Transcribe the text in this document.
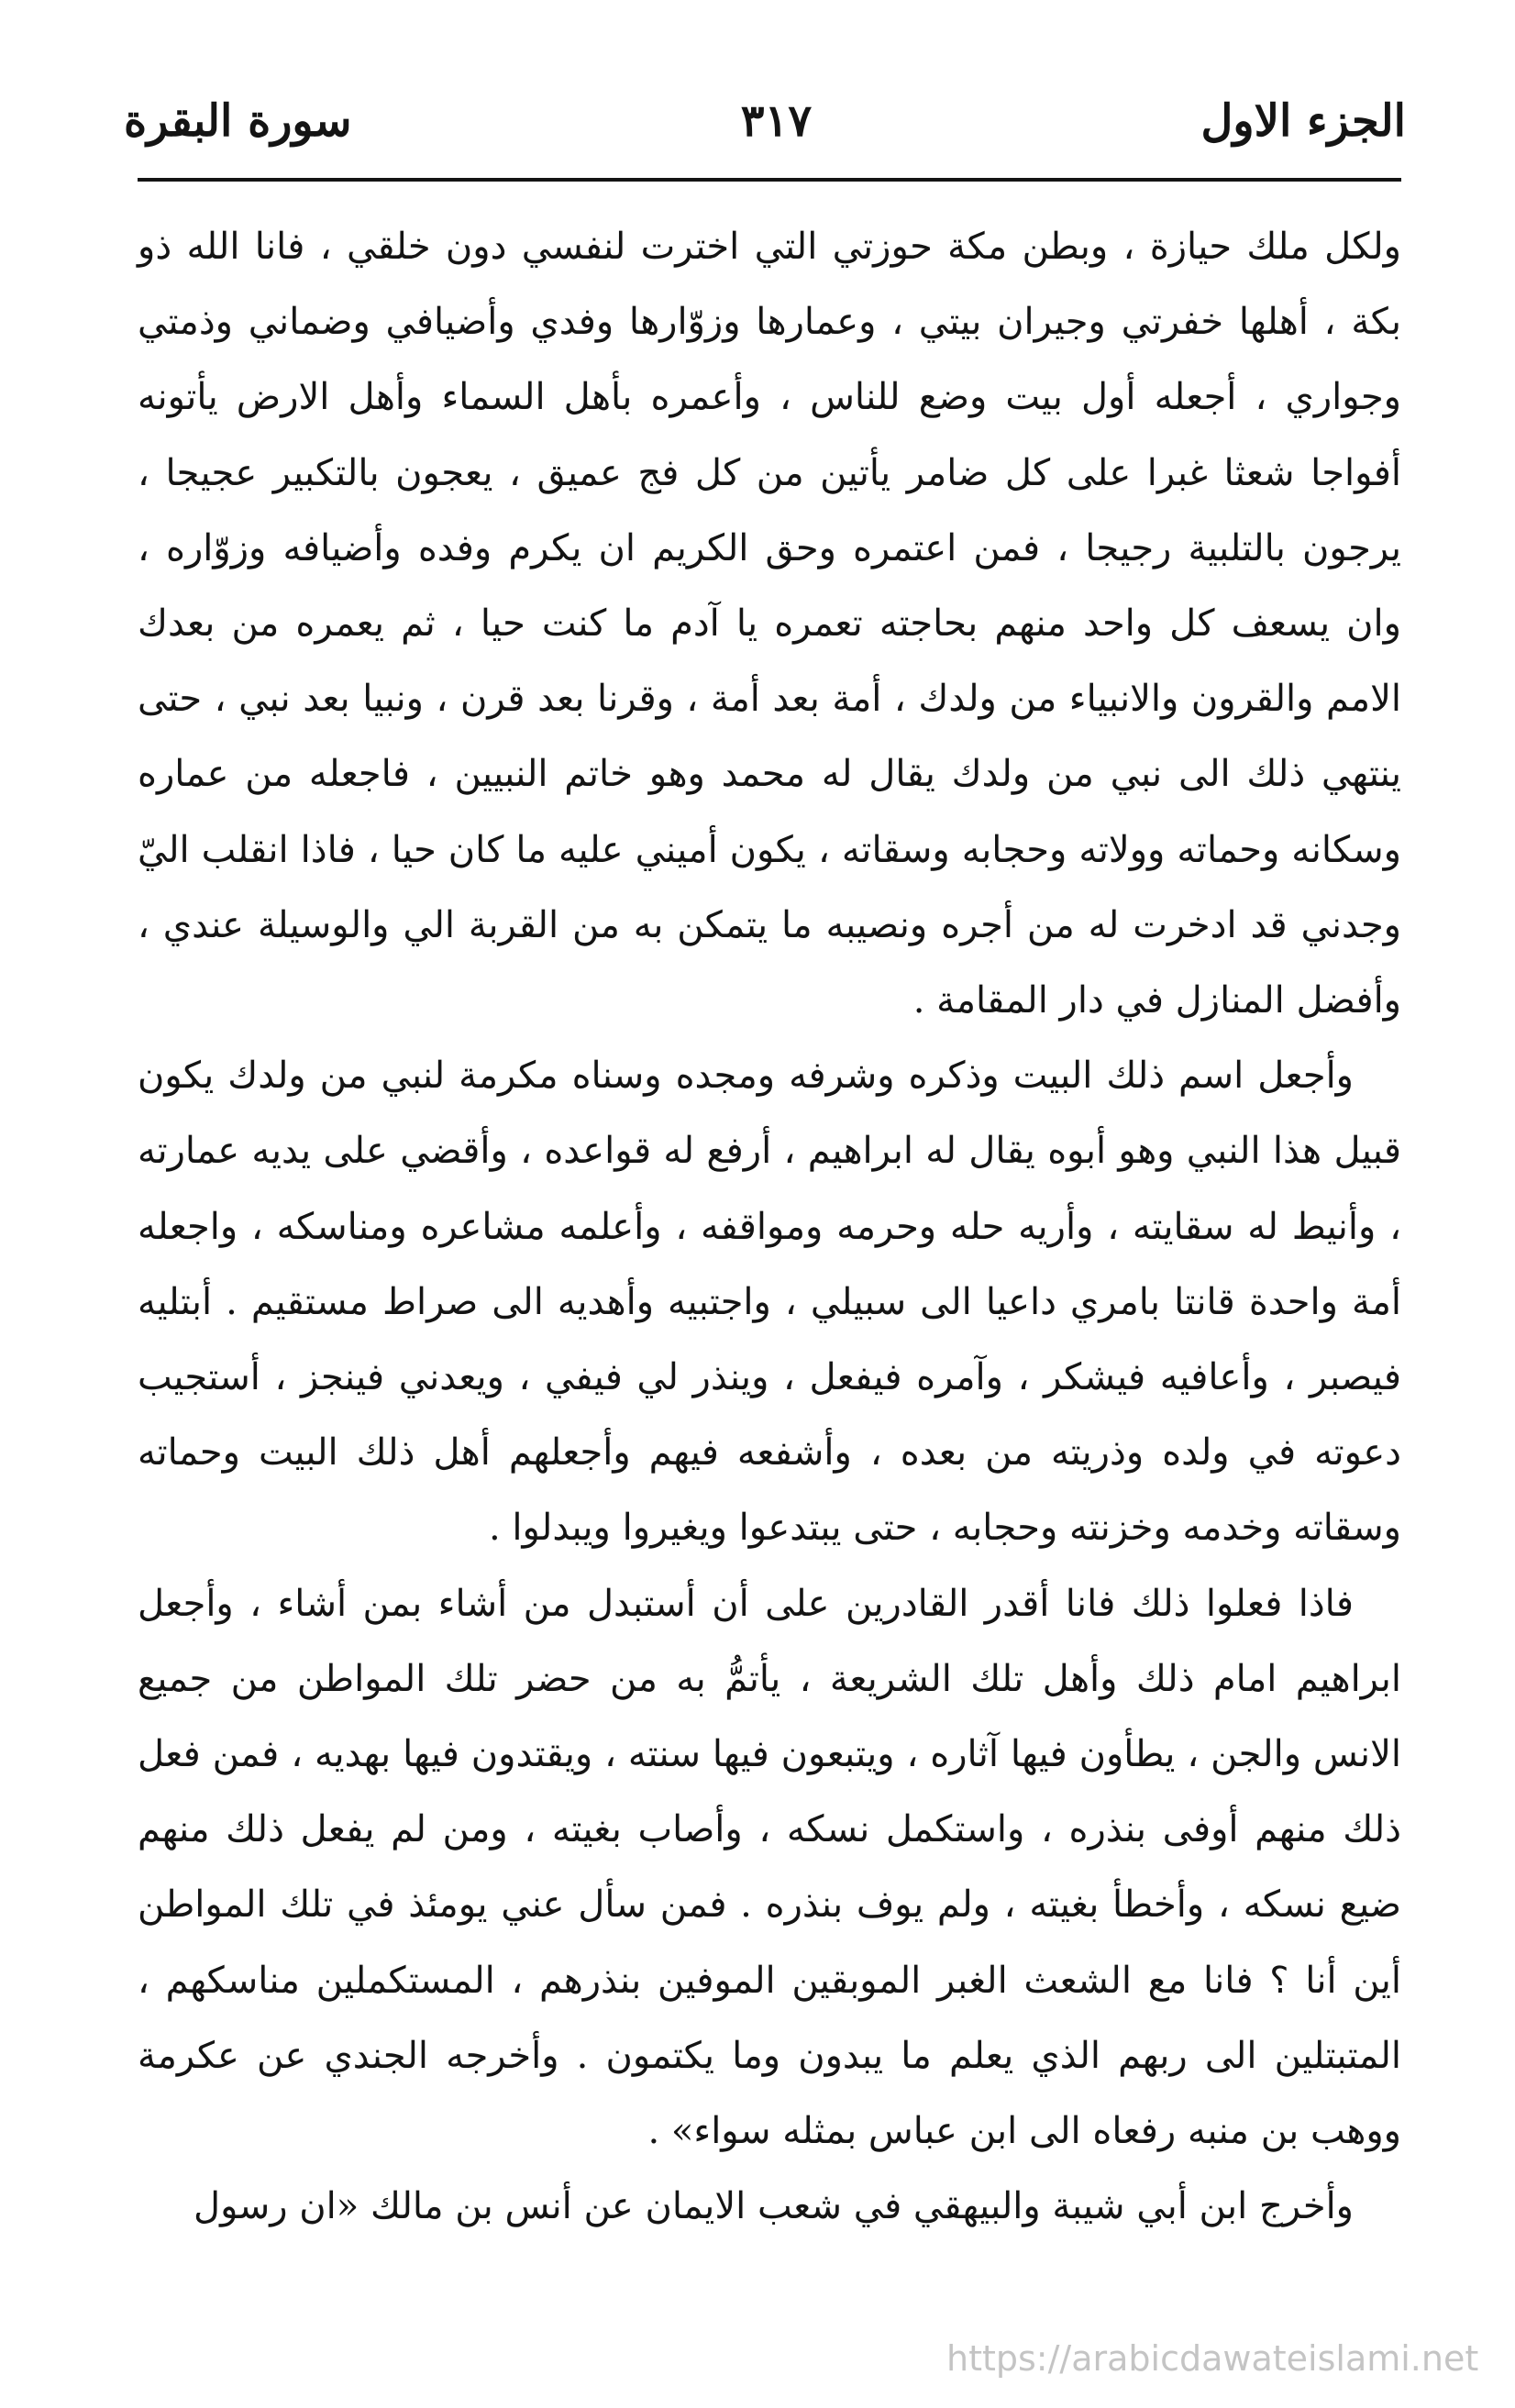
الجزء الاول
٣١٧
سورة البقرة

ولكل ملك حيازة ، وبطن مكة حوزتي التي اخترت لنفسي دون خلقي ، فانا الله ذو بكة ، أهلها خفرتي وجيران بيتي ، وعمارها وزوّارها وفدي وأضيافي وضماني وذمتي وجواري ، أجعله أول بيت وضع للناس ، وأعمره بأهل السماء وأهل الارض يأتونه أفواجا شعثا غبرا على كل ضامر يأتين من كل فج عميق ، يعجون بالتكبير عجيجا ، يرجون بالتلبية رجيجا ، فمن اعتمره وحق الكريم ان يكرم وفده وأضيافه وزوّاره ، وان يسعف كل واحد منهم بحاجته تعمره يا آدم ما كنت حيا ، ثم يعمره من بعدك الامم والقرون والانبياء من ولدك ، أمة بعد أمة ، وقرنا بعد قرن ، ونبيا بعد نبي ، حتى ينتهي ذلك الى نبي من ولدك يقال له محمد وهو خاتم النبيين ، فاجعله من عماره وسكانه وحماته وولاته وحجابه وسقاته ، يكون أميني عليه ما كان حيا ، فاذا انقلب اليّ وجدني قد ادخرت له من أجره ونصيبه ما يتمكن به من القربة الي والوسيلة عندي ، وأفضل المنازل في دار المقامة .

وأجعل اسم ذلك البيت وذكره وشرفه ومجده وسناه مكرمة لنبي من ولدك يكون قبيل هذا النبي وهو أبوه يقال له ابراهيم ، أرفع له قواعده ، وأقضي على يديه عمارته ، وأنيط له سقايته ، وأريه حله وحرمه ومواقفه ، وأعلمه مشاعره ومناسكه ، واجعله أمة واحدة قانتا بامري داعيا الى سبيلي ، واجتبيه وأهديه الى صراط مستقيم . أبتليه فيصبر ، وأعافيه فيشكر ، وآمره فيفعل ، وينذر لي فيفي ، ويعدني فينجز ، أستجيب دعوته في ولده وذريته من بعده ، وأشفعه فيهم وأجعلهم أهل ذلك البيت وحماته وسقاته وخدمه وخزنته وحجابه ، حتى يبتدعوا ويغيروا ويبدلوا .

فاذا فعلوا ذلك فانا أقدر القادرين على أن أستبدل من أشاء بمن أشاء ، وأجعل ابراهيم امام ذلك وأهل تلك الشريعة ، يأتمُّ به من حضر تلك المواطن من جميع الانس والجن ، يطأون فيها آثاره ، ويتبعون فيها سنته ، ويقتدون فيها بهديه ، فمن فعل ذلك منهم أوفى بنذره ، واستكمل نسكه ، وأصاب بغيته ، ومن لم يفعل ذلك منهم ضيع نسكه ، وأخطأ بغيته ، ولم يوف بنذره . فمن سأل عني يومئذ في تلك المواطن أين أنا ؟ فانا مع الشعث الغبر الموبقين الموفين بنذرهم ، المستكملين مناسكهم ، المتبتلين الى ربهم الذي يعلم ما يبدون وما يكتمون . وأخرجه الجندي عن عكرمة ووهب بن منبه رفعاه الى ابن عباس بمثله سواء» .

وأخرج ابن أبي شيبة والبيهقي في شعب الايمان عن أنس بن مالك «ان رسول

https://arabicdawateislami.net
